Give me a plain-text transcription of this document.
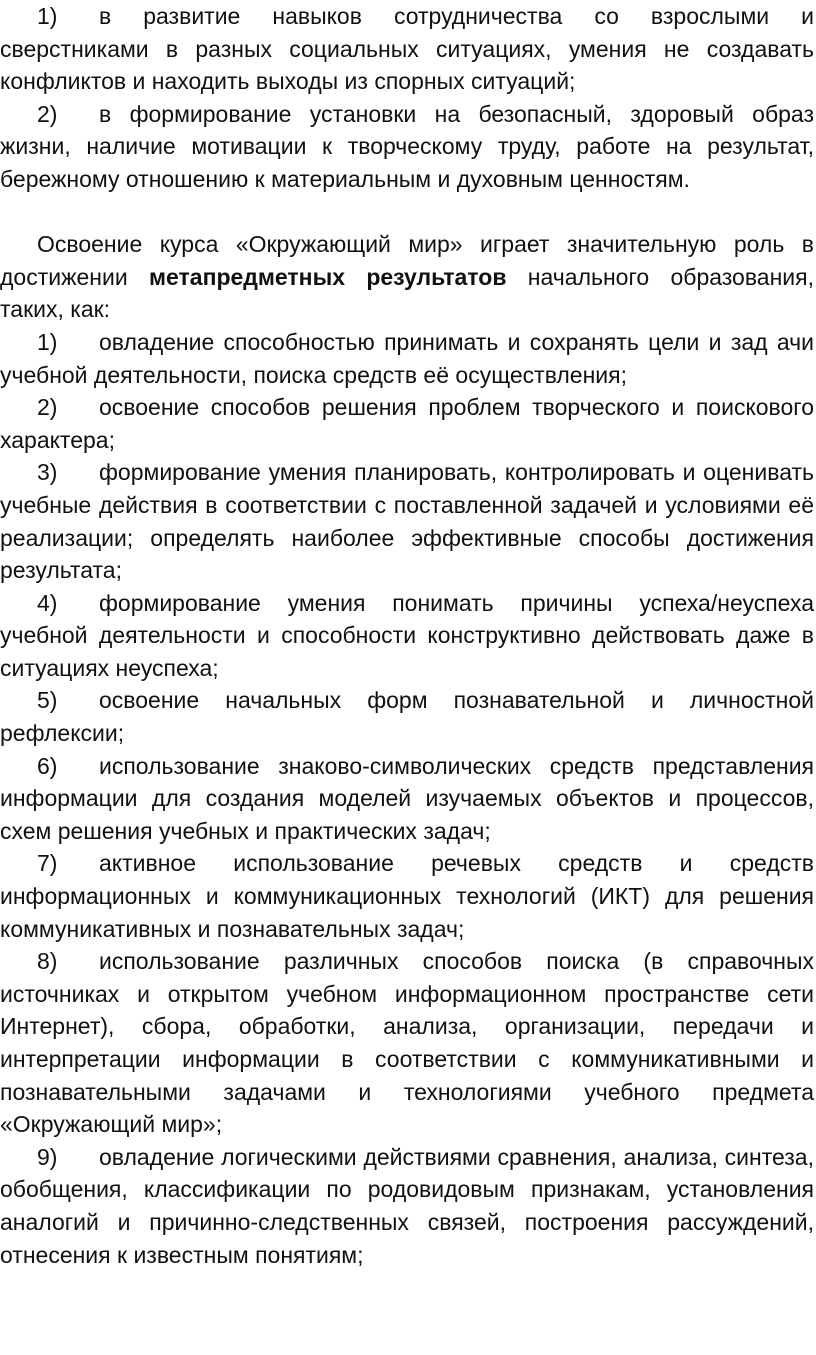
1) в развитие навыков сотрудничества со взрослыми и сверстниками в разных социальных ситуациях, умения не создавать конфликтов и находить выходы из спорных ситуаций;

2) в формирование установки на безопасный, здоровый образ жизни, наличие мотивации к творческому труду, работе на результат, бережному отношению к материальным и духовным ценностям.

Освоение курса «Окружающий мир» играет значительную роль в достижении метапредметных результатов начального образования, таких, как:

1) овладение способностью принимать и сохранять цели и зад ачи учебной деятельности, поиска средств её осуществления;

2) освоение способов решения проблем творческого и поискового характера;

3) формирование умения планировать, контролировать и оценивать учебные действия в соответствии с поставленной задачей и условиями её реализации; определять наиболее эффективные способы достижения результата;

4) формирование умения понимать причины успеха/неуспеха учебной деятельности и способности конструктивно действовать даже в ситуациях неуспеха;

5) освоение начальных форм познавательной и личностной рефлексии;

6) использование знаково-символических средств представления информации для создания моделей изучаемых объектов и процессов, схем решения учебных и практических задач;

7) активное использование речевых средств и средств информационных и коммуникационных технологий (ИКТ) для решения коммуникативных и познавательных задач;

8) использование различных способов поиска (в справочных источниках и открытом учебном информационном пространстве сети Интернет), сбора, обработки, анализа, организации, передачи и интерпретации информации в соответствии с коммуникативными и познавательными задачами и технологиями учебного предмета «Окружающий мир»;

9) овладение логическими действиями сравнения, анализа, синтеза, обобщения, классификации по родовидовым признакам, установления аналогий и причинно-следственных связей, построения рассуждений, отнесения к известным понятиям;
